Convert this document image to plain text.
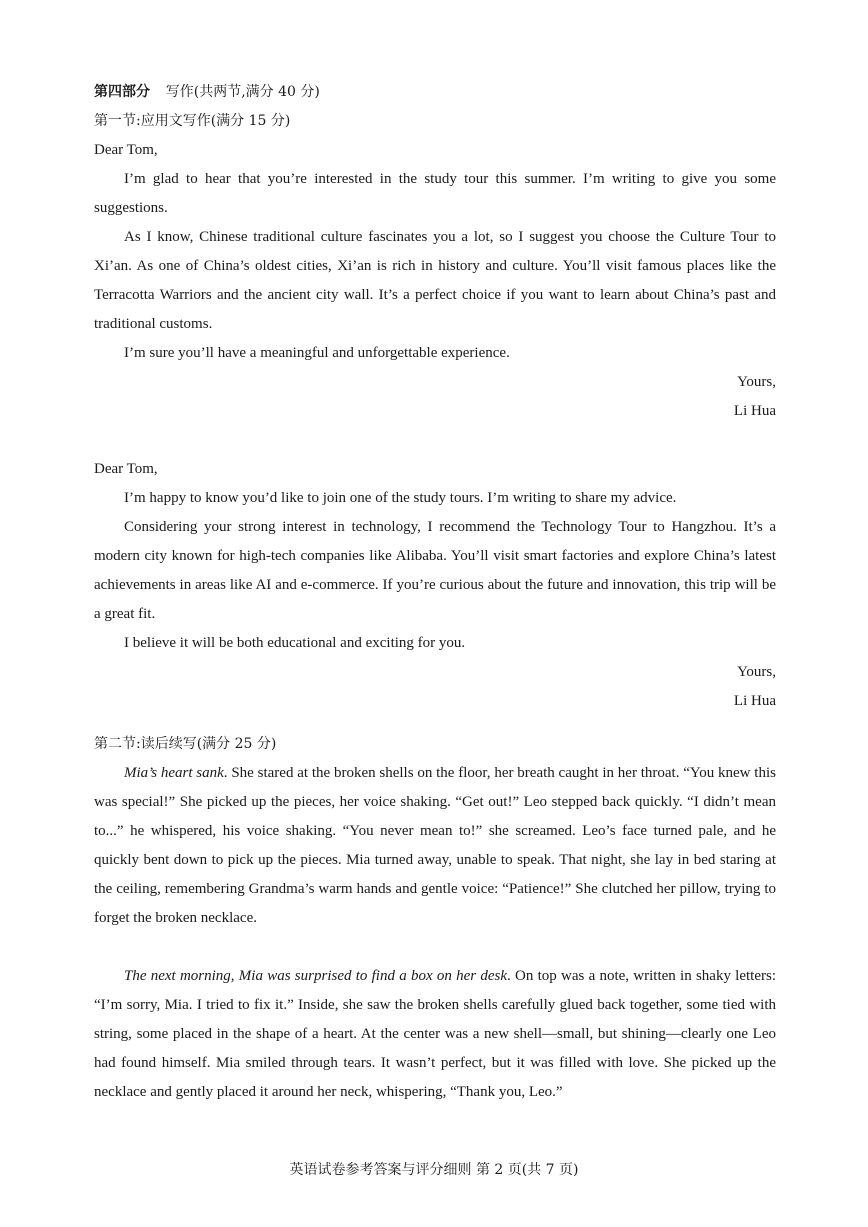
第四部分 写作(共两节,满分 40 分)

第一节:应用文写作(满分 15 分)

Dear Tom,

I’m glad to hear that you’re interested in the study tour this summer. I’m writing to give you some suggestions.

As I know, Chinese traditional culture fascinates you a lot, so I suggest you choose the Culture Tour to Xi’an. As one of China’s oldest cities, Xi’an is rich in history and culture. You’ll visit famous places like the Terracotta Warriors and the ancient city wall. It’s a perfect choice if you want to learn about China’s past and traditional customs.

I’m sure you’ll have a meaningful and unforgettable experience.

Yours,

Li Hua

Dear Tom,

I’m happy to know you’d like to join one of the study tours. I’m writing to share my advice.

Considering your strong interest in technology, I recommend the Technology Tour to Hangzhou. It’s a modern city known for high-tech companies like Alibaba. You’ll visit smart factories and explore China’s latest achievements in areas like AI and e-commerce. If you’re curious about the future and innovation, this trip will be a great fit.

I believe it will be both educational and exciting for you.

Yours,

Li Hua

第二节:读后续写(满分 25 分)

Mia’s heart sank. She stared at the broken shells on the floor, her breath caught in her throat. “You knew this was special!” She picked up the pieces, her voice shaking. “Get out!” Leo stepped back quickly. “I didn’t mean to...” he whispered, his voice shaking. “You never mean to!” she screamed. Leo’s face turned pale, and he quickly bent down to pick up the pieces. Mia turned away, unable to speak. That night, she lay in bed staring at the ceiling, remembering Grandma’s warm hands and gentle voice: “Patience!” She clutched her pillow, trying to forget the broken necklace.

The next morning, Mia was surprised to find a box on her desk. On top was a note, written in shaky letters: “I’m sorry, Mia. I tried to fix it.” Inside, she saw the broken shells carefully glued back together, some tied with string, some placed in the shape of a heart. At the center was a new shell—small, but shining—clearly one Leo had found himself. Mia smiled through tears. It wasn’t perfect, but it was filled with love. She picked up the necklace and gently placed it around her neck, whispering, “Thank you, Leo.”

英语试卷参考答案与评分细则 第 2 页(共 7 页)
